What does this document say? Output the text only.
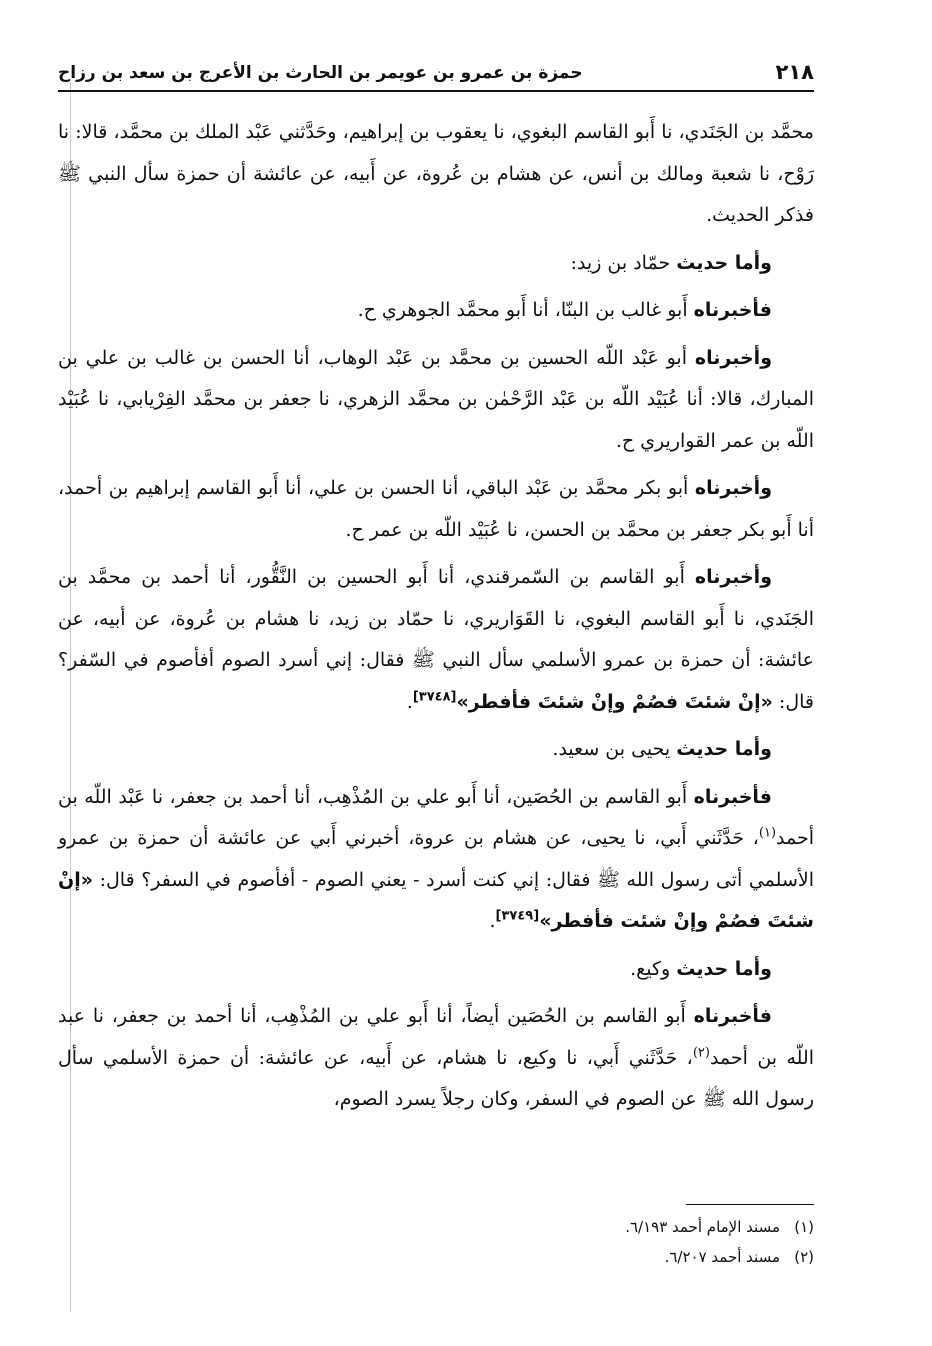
٢١٨
حمزة بن عمرو بن عويمر بن الحارث بن الأعرج بن سعد بن رزاح

محمَّد بن الجَنَدي، نا أَبو القاسم البغوي، نا يعقوب بن إبراهيم، وحَدَّثني عَبْد الملك بن محمَّد، قالا: نا رَوْح، نا شعبة ومالك بن أنس، عن هشام بن عُروة، عن أَبيه، عن عائشة أن حمزة سأل النبي ﷺ فذكر الحديث.

وأما حديث حمّاد بن زيد:

فأخبرناه أَبو غالب بن البنّا، أنا أَبو محمَّد الجوهري ح.

وأخبرناه أبو عَبْد اللّه الحسين بن محمَّد بن عَبْد الوهاب، أنا الحسن بن غالب بن علي بن المبارك، قالا: أنا عُبَيْد اللّه بن عَبْد الرَّحْمٰن بن محمَّد الزهري، نا جعفر بن محمَّد الفِرْيابي، نا عُبَيْد اللّه بن عمر القواريري ح.

وأخبرناه أبو بكر محمَّد بن عَبْد الباقي، أنا الحسن بن علي، أنا أَبو القاسم إبراهيم بن أحمد، أنا أَبو بكر جعفر بن محمَّد بن الحسن، نا عُبَيْد اللّه بن عمر ح.

وأخبرناه أَبو القاسم بن السّمرقندي، أنا أَبو الحسين بن النَّقُّور، أنا أحمد بن محمَّد بن الجَنَدي، نا أَبو القاسم البغوي، نا القَوَاريري، نا حمّاد بن زيد، نا هشام بن عُروة، عن أبيه، عن عائشة: أن حمزة بن عمرو الأسلمي سأل النبي ﷺ فقال: إني أسرد الصوم أفأصوم في السّفر؟ قال: «إنْ شئتَ فصُمْ وإنْ شئتَ فأفطر»[٣٧٤٨].

وأما حديث يحيى بن سعيد.

فأخبرناه أَبو القاسم بن الحُصَين، أنا أَبو علي بن المُذْهِب، أنا أحمد بن جعفر، نا عَبْد اللّه بن أحمد$^{(١)}$، حَدَّثَني أَبي، نا يحيى، عن هشام بن عروة، أخبرني أَبي عن عائشة أن حمزة بن عمرو الأسلمي أتى رسول الله ﷺ فقال: إني كنت أسرد - يعني الصوم - أفأصوم في السفر؟ قال: «إنْ شئتَ فصُمْ وإنْ شئت فأفطر»[٣٧٤٩].

وأما حديث وكيع.

فأخبرناه أَبو القاسم بن الحُصَين أيضاً، أنا أَبو علي بن المُذْهِب، أنا أحمد بن جعفر، نا عبد اللّه بن أحمد$^{(٢)}$، حَدَّثَني أَبي، نا وكيع، نا هشام، عن أَبيه، عن عائشة: أن حمزة الأسلمي سأل رسول الله ﷺ عن الصوم في السفر، وكان رجلاً يسرد الصوم،

(١)مسند الإمام أحمد ٦/١٩٣.
(٢)مسند أحمد ٦/٢٠٧.
